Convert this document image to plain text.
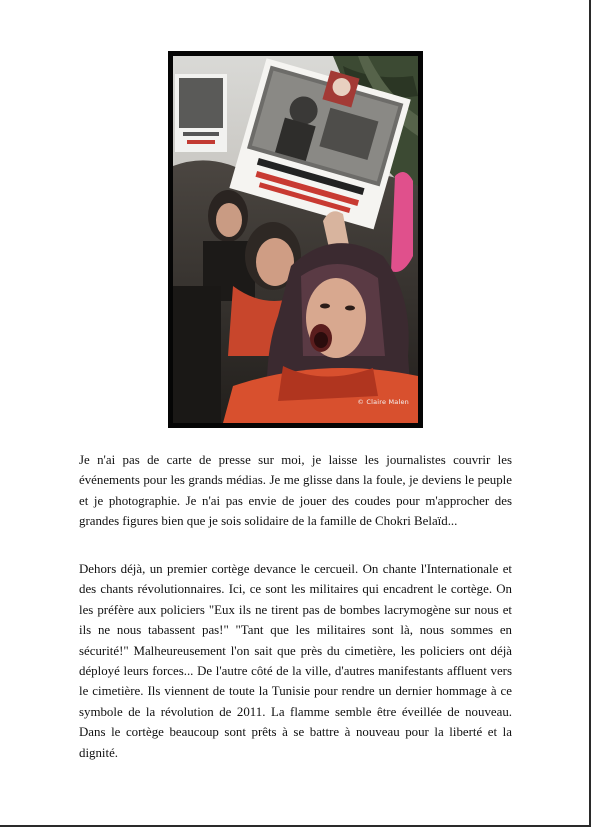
© Claire Malen

Je n'ai pas de carte de presse sur moi, je laisse les journalistes couvrir les événements pour les grands médias. Je me glisse dans la foule, je deviens le peuple et je photographie. Je n'ai pas envie de jouer des coudes pour m'approcher des grandes figures bien que je sois solidaire de la famille de Chokri Belaïd...

Dehors déjà, un premier cortège devance le cercueil. On chante l'Internationale et des chants révolutionnaires. Ici, ce sont les militaires qui encadrent le cortège. On les préfère aux policiers "Eux ils ne tirent pas de bombes lacrymogène sur nous et ils ne nous tabassent pas!" "Tant que les militaires sont là, nous sommes en sécurité!" Malheureusement l'on sait que près du cimetière, les policiers ont déjà déployé leurs forces... De l'autre côté de la ville, d'autres manifestants affluent vers le cimetière. Ils viennent de toute la Tunisie pour rendre un dernier hommage à ce symbole de la révolution de 2011. La flamme semble être éveillée de nouveau. Dans le cortège beaucoup sont prêts à se battre à nouveau pour la liberté et la dignité.
